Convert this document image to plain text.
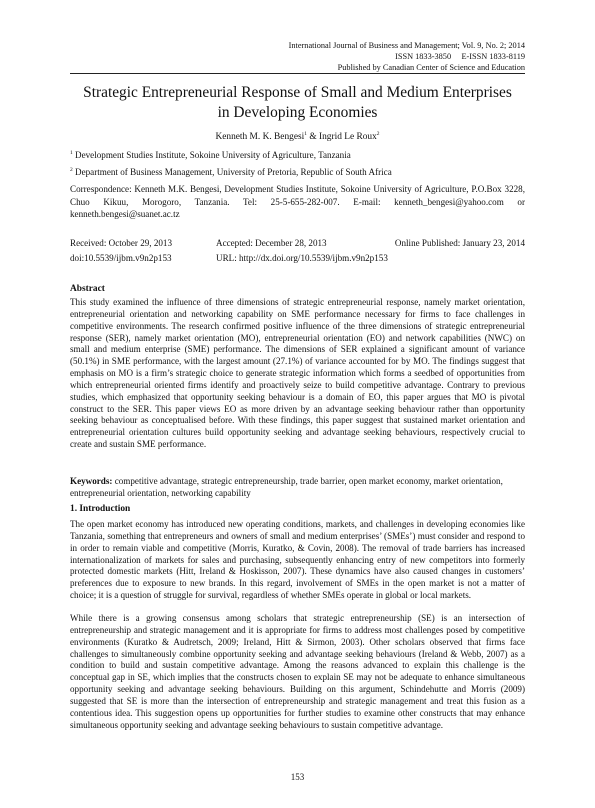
International Journal of Business and Management; Vol. 9, No. 2; 2014
ISSN 1833-3850     E-ISSN 1833-8119
Published by Canadian Center of Science and Education
Strategic Entrepreneurial Response of Small and Medium Enterprises
in Developing Economies
Kenneth M. K. Bengesi$^1$ & Ingrid Le Roux$^2$
$^1$ Development Studies Institute, Sokoine University of Agriculture, Tanzania
$^2$ Department of Business Management, University of Pretoria, Republic of South Africa
Correspondence: Kenneth M.K. Bengesi, Development Studies Institute, Sokoine University of Agriculture, P.O.Box 3228, Chuo Kikuu, Morogoro, Tanzania. Tel: 25-5-655-282-007. E-mail: kenneth_bengesi@yahoo.com or kenneth.bengesi@suanet.ac.tz
Received: October 29, 2013	Accepted: December 28, 2013	Online Published: January 23, 2014
doi:10.5539/ijbm.v9n2p153	URL: http://dx.doi.org/10.5539/ijbm.v9n2p153
Abstract
This study examined the influence of three dimensions of strategic entrepreneurial response, namely market orientation, entrepreneurial orientation and networking capability on SME performance necessary for firms to face challenges in competitive environments. The research confirmed positive influence of the three dimensions of strategic entrepreneurial response (SER), namely market orientation (MO), entrepreneurial orientation (EO) and network capabilities (NWC) on small and medium enterprise (SME) performance. The dimensions of SER explained a significant amount of variance (50.1%) in SME performance, with the largest amount (27.1%) of variance accounted for by MO. The findings suggest that emphasis on MO is a firm’s strategic choice to generate strategic information which forms a seedbed of opportunities from which entrepreneurial oriented firms identify and proactively seize to build competitive advantage. Contrary to previous studies, which emphasized that opportunity seeking behaviour is a domain of EO, this paper argues that MO is pivotal construct to the SER. This paper views EO as more driven by an advantage seeking behaviour rather than opportunity seeking behaviour as conceptualised before. With these findings, this paper suggest that sustained market orientation and entrepreneurial orientation cultures build opportunity seeking and advantage seeking behaviours, respectively crucial to create and sustain SME performance.
Keywords: competitive advantage, strategic entrepreneurship, trade barrier, open market economy, market orientation, entrepreneurial orientation, networking capability
1. Introduction
The open market economy has introduced new operating conditions, markets, and challenges in developing economies like Tanzania, something that entrepreneurs and owners of small and medium enterprises’ (SMEs’) must consider and respond to in order to remain viable and competitive (Morris, Kuratko, & Covin, 2008). The removal of trade barriers has increased internationalization of markets for sales and purchasing, subsequently enhancing entry of new competitors into formerly protected domestic markets (Hitt, Ireland & Hoskisson, 2007). These dynamics have also caused changes in customers’ preferences due to exposure to new brands. In this regard, involvement of SMEs in the open market is not a matter of choice; it is a question of struggle for survival, regardless of whether SMEs operate in global or local markets.
While there is a growing consensus among scholars that strategic entrepreneurship (SE) is an intersection of entrepreneurship and strategic management and it is appropriate for firms to address most challenges posed by competitive environments (Kuratko & Audretsch, 2009; Ireland, Hitt & Sirmon, 2003). Other scholars observed that firms face challenges to simultaneously combine opportunity seeking and advantage seeking behaviours (Ireland & Webb, 2007) as a condition to build and sustain competitive advantage. Among the reasons advanced to explain this challenge is the conceptual gap in SE, which implies that the constructs chosen to explain SE may not be adequate to enhance simultaneous opportunity seeking and advantage seeking behaviours. Building on this argument, Schindehutte and Morris (2009) suggested that SE is more than the intersection of entrepreneurship and strategic management and treat this fusion as a contentious idea. This suggestion opens up opportunities for further studies to examine other constructs that may enhance simultaneous opportunity seeking and advantage seeking behaviours to sustain competitive advantage.
153
